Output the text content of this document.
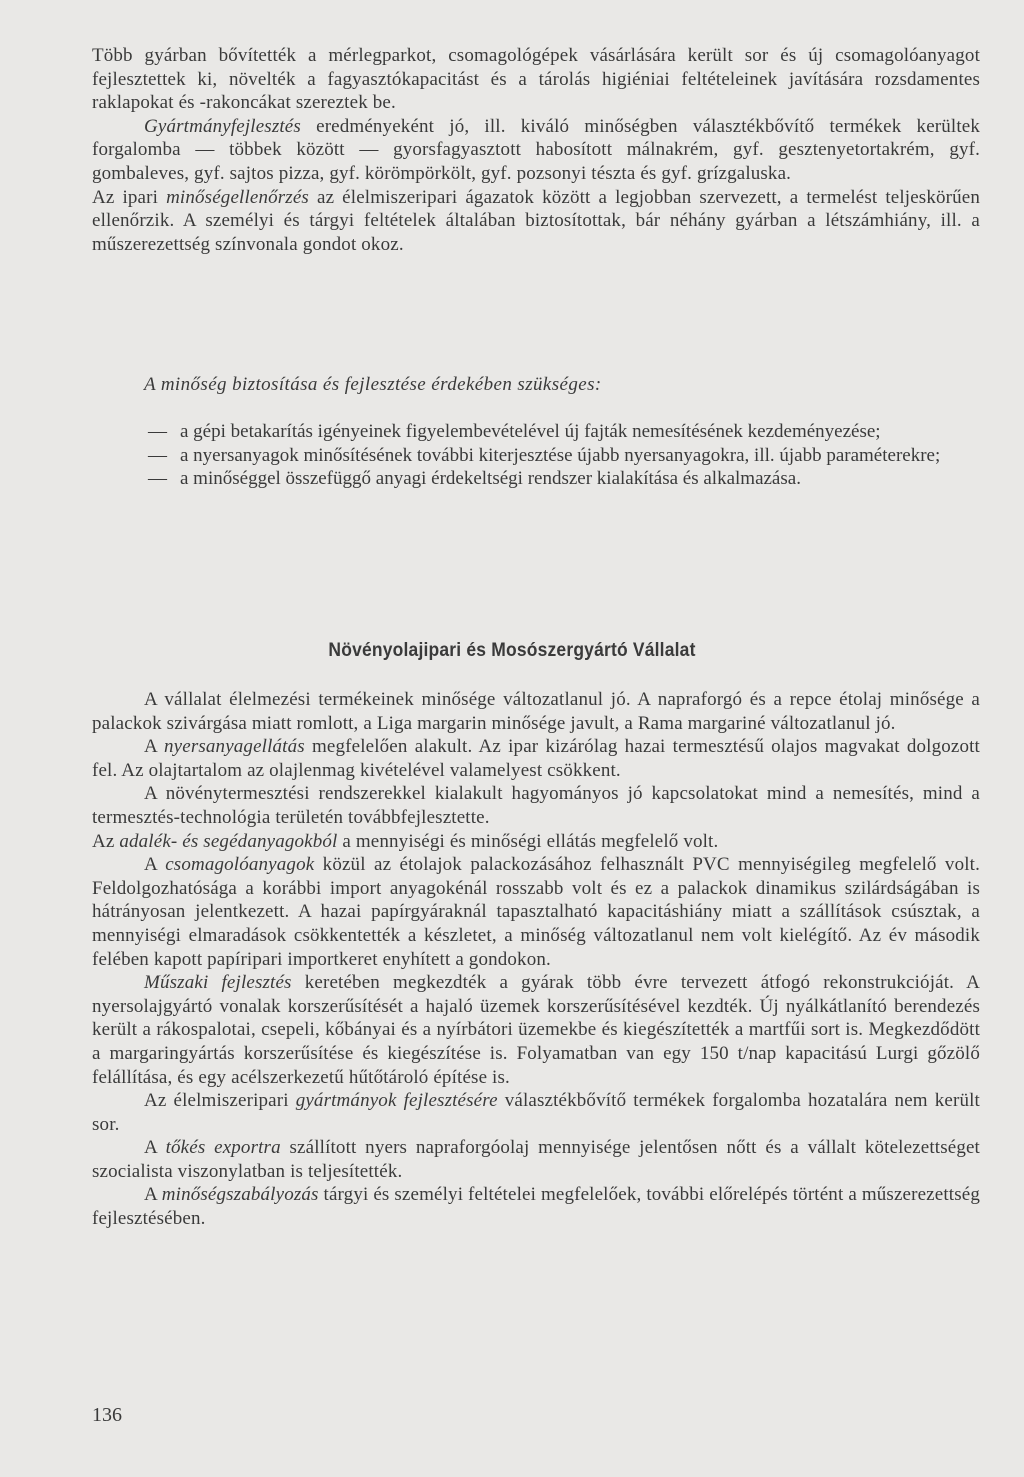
Több gyárban bővítették a mérlegparkot, csomagológépek vásárlására került sor és új csomagolóanyagot fejlesztettek ki, növelték a fagyasztókapacitást és a tárolás higiéniai feltételeinek javítására rozsdamentes raklapokat és -rakoncákat szereztek be.

Gyártmányfejlesztés eredményeként jó, ill. kiváló minőségben választékbővítő termékek kerültek forgalomba — többek között — gyorsfagyasztott habosított málnakrém, gyf. gesztenyetortakrém, gyf. gombaleves, gyf. sajtos pizza, gyf. körömpörkölt, gyf. pozsonyi tészta és gyf. grízgaluska.

Az ipari minőségellenőrzés az élelmiszeripari ágazatok között a legjobban szervezett, a termelést teljeskörűen ellenőrzik. A személyi és tárgyi feltételek általában biztosítottak, bár néhány gyárban a létszámhiány, ill. a műszerezettség színvonala gondot okoz.

A minőség biztosítása és fejlesztése érdekében szükséges:
— a gépi betakarítás igényeinek figyelembevételével új fajták nemesítésének kezdeményezése;
— a nyersanyagok minősítésének további kiterjesztése újabb nyersanyagokra, ill. újabb paraméterekre;
— a minőséggel összefüggő anyagi érdekeltségi rendszer kialakítása és alkalmazása.
Növényolajipari és Mosószergyártó Vállalat

A vállalat élelmezési termékeinek minősége változatlanul jó. A napraforgó és a repce étolaj minősége a palackok szivárgása miatt romlott, a Liga margarin minősége javult, a Rama margariné változatlanul jó.

A nyersanyagellátás megfelelően alakult. Az ipar kizárólag hazai termesztésű olajos magvakat dolgozott fel. Az olajtartalom az olajlenmag kivételével valamelyest csökkent.

A növénytermesztési rendszerekkel kialakult hagyományos jó kapcsolatokat mind a nemesítés, mind a termesztés-technológia területén továbbfejlesztette.

Az adalék- és segédanyagokból a mennyiségi és minőségi ellátás megfelelő volt.

A csomagolóanyagok közül az étolajok palackozásához felhasznált PVC mennyiségileg megfelelő volt. Feldolgozhatósága a korábbi import anyagokénál rosszabb volt és ez a palackok dinamikus szilárdságában is hátrányosan jelentkezett. A hazai papírgyáraknál tapasztalható kapacitáshiány miatt a szállítások csúsztak, a mennyiségi elmaradások csökkentették a készletet, a minőség változatlanul nem volt kielégítő. Az év második felében kapott papíripari importkeret enyhített a gondokon.

Műszaki fejlesztés keretében megkezdték a gyárak több évre tervezett átfogó rekonstrukcióját. A nyersolajgyártó vonalak korszerűsítését a hajaló üzemek korszerűsítésével kezdték. Új nyálkátlanító berendezés került a rákospalotai, csepeli, kőbányai és a nyírbátori üzemekbe és kiegészítették a martfűi sort is. Megkezdődött a margaringyártás korszerűsítése és kiegészítése is. Folyamatban van egy 150 t/nap kapacitású Lurgi gőzölő felállítása, és egy acélszerkezetű hűtőtároló építése is.

Az élelmiszeripari gyártmányok fejlesztésére választékbővítő termékek forgalomba hozatalára nem került sor.

A tőkés exportra szállított nyers napraforgóolaj mennyisége jelentősen nőtt és a vállalt kötelezettséget szocialista viszonylatban is teljesítették.

A minőségszabályozás tárgyi és személyi feltételei megfelelőek, további előrelépés történt a műszerezettség fejlesztésében.

136
